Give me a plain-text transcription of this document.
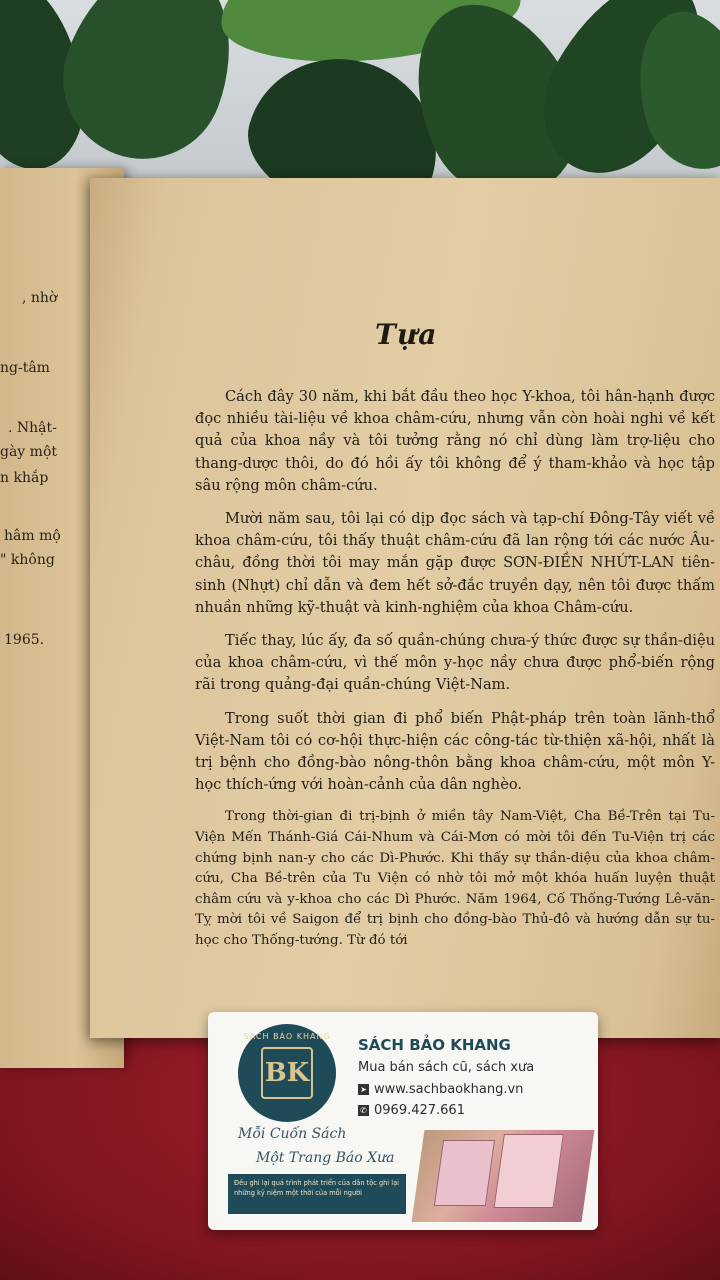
, nhờ
ng-tâm
. Nhật-
gày một
n khắp
hâm mộ
" không
1965.
Tựa

Cách đây 30 năm, khi bắt đầu theo học Y-khoa, tôi hân-hạnh được đọc nhiều tài-liệu về khoa châm-cứu, nhưng vẫn còn hoài nghi về kết quả của khoa nầy và tôi tưởng rằng nó chỉ dùng làm trợ-liệu cho thang-dược thôi, do đó hồi ấy tôi không để ý tham-khảo và học tập sâu rộng môn châm-cứu.

Mười năm sau, tôi lại có dịp đọc sách và tạp-chí Đông-Tây viết về khoa châm-cứu, tôi thấy thuật châm-cứu đã lan rộng tới các nước Âu-châu, đồng thời tôi may mắn gặp được SƠN-ĐIỀN NHỨT-LAN tiên-sinh (Nhựt) chỉ dẫn và đem hết sở-đắc truyền dạy, nên tôi được thấm nhuần những kỹ-thuật và kinh-nghiệm của khoa Châm-cứu.

Tiếc thay, lúc ấy, đa số quần-chúng chưa-ý thức được sự thần-diệu của khoa châm-cứu, vì thế môn y-học nầy chưa được phổ-biến rộng rãi trong quảng-đại quần-chúng Việt-Nam.

Trong suốt thời gian đi phổ biến Phật-pháp trên toàn lãnh-thổ Việt-Nam tôi có cơ-hội thực-hiện các công-tác từ-thiện xã-hội, nhất là trị bệnh cho đồng-bào nông-thôn bằng khoa châm-cứu, một môn Y-học thích-ứng với hoàn-cảnh của dân nghèo.

Trong thời-gian đi trị-bịnh ở miền tây Nam-Việt, Cha Bề-Trên tại Tu-Viện Mến Thánh-Giá Cái-Nhum và Cái-Mơn có mời tôi đến Tu-Viện trị các chứng bịnh nan-y cho các Dì-Phước. Khi thấy sự thần-diệu của khoa châm-cứu, Cha Bề-trên của Tu Viện có nhờ tôi mở một khóa huấn luyện thuật châm cứu và y-khoa cho các Dì Phước. Năm 1964, Cố Thống-Tướng Lê-văn-Tỵ mời tôi về Saigon để trị bịnh cho đồng-bào Thủ-đô và hướng dẫn sự tu-học cho Thống-tướng. Từ đó tới

SÁCH BÁO KHANG
BK
SÁCH BẢO KHANG
Mua bán sách cũ, sách xưa
➤ www.sachbaokhang.vn
✆ 0969.427.661
Mỗi Cuốn Sách
Một Trang Báo Xưa
Đều ghi lại quá trình phát triển của dân tộc ghi lại những kỷ niệm một thời của mỗi người
